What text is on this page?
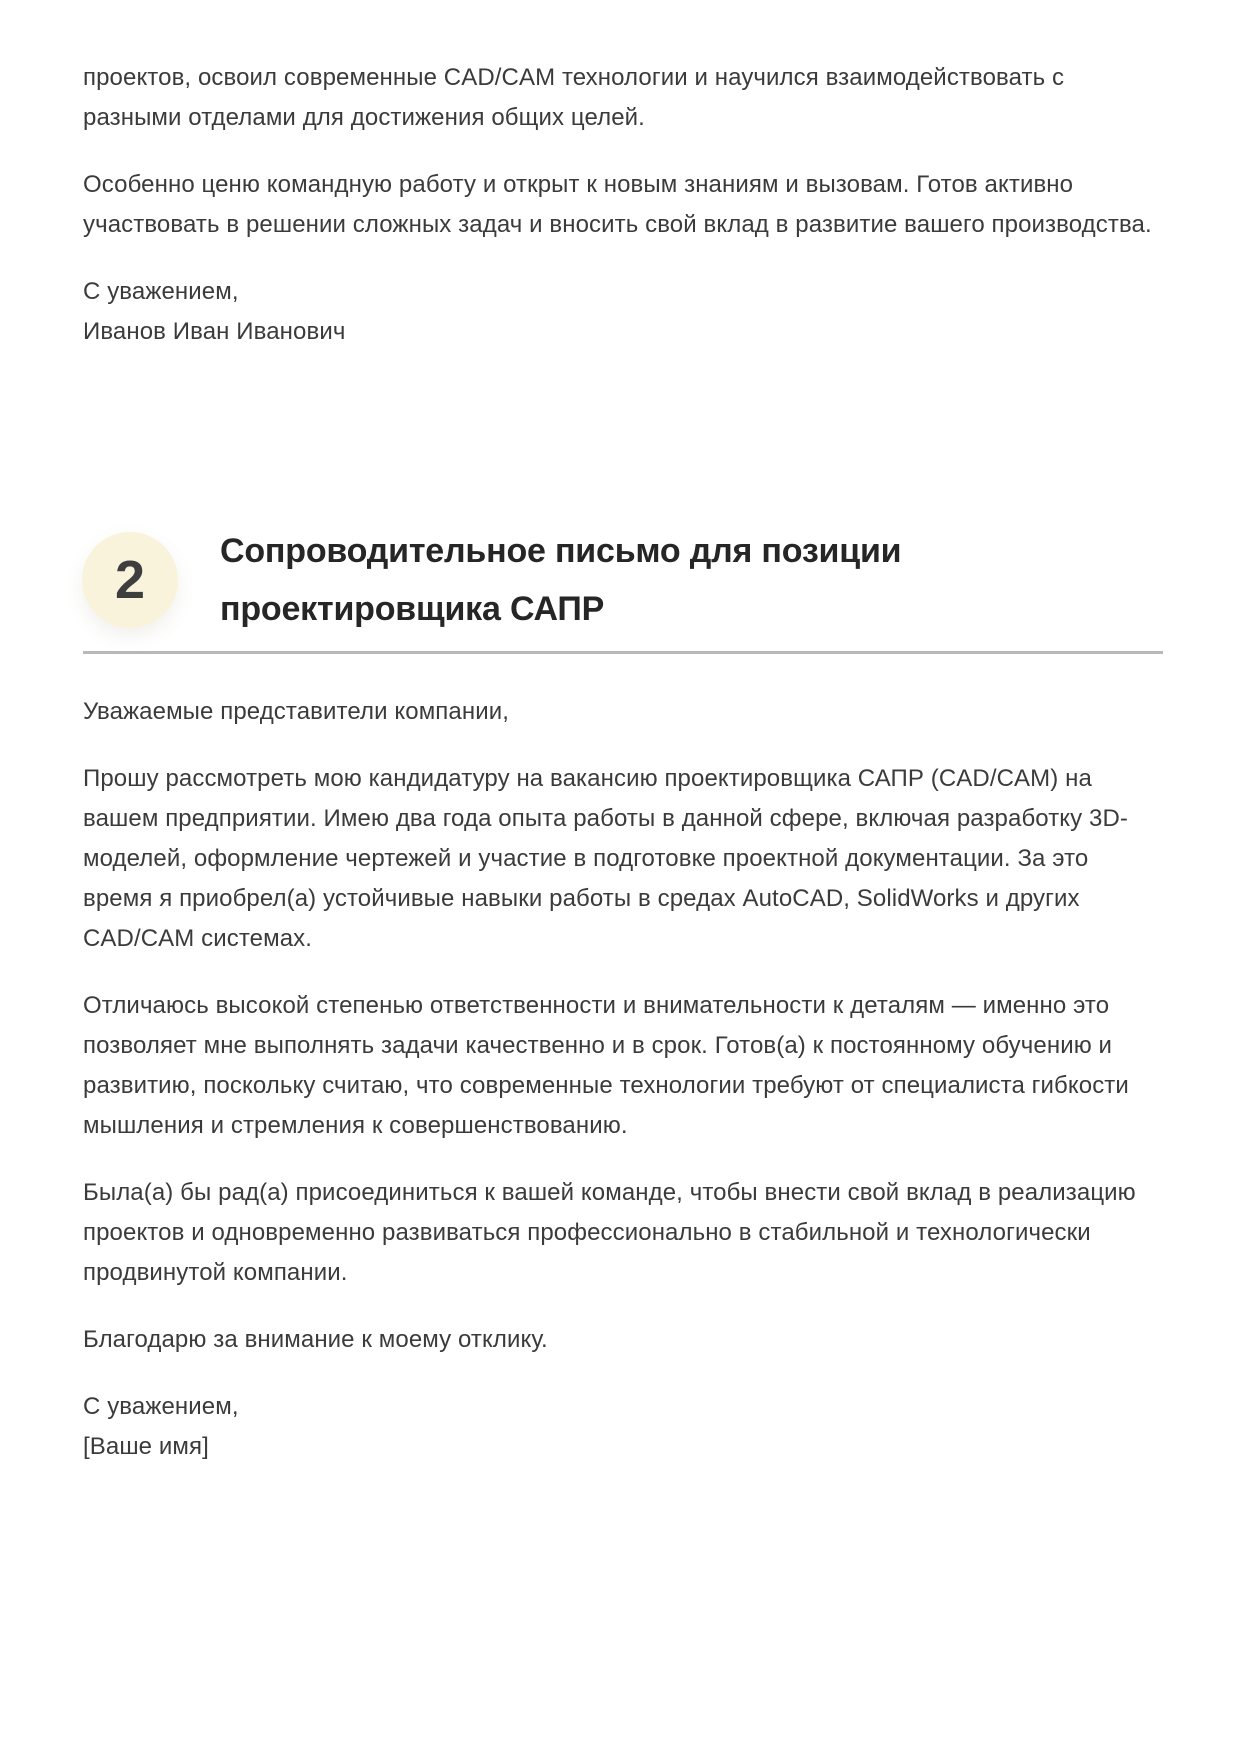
проектов, освоил современные CAD/CAM технологии и научился взаимодействовать с разными отделами для достижения общих целей.

Особенно ценю командную работу и открыт к новым знаниям и вызовам. Готов активно участвовать в решении сложных задач и вносить свой вклад в развитие вашего производства.

С уважением,
Иванов Иван Иванович

2 Сопроводительное письмо для позиции проектировщика САПР

Уважаемые представители компании,

Прошу рассмотреть мою кандидатуру на вакансию проектировщика САПР (CAD/CAM) на вашем предприятии. Имею два года опыта работы в данной сфере, включая разработку 3D-моделей, оформление чертежей и участие в подготовке проектной документации. За это время я приобрел(а) устойчивые навыки работы в средах AutoCAD, SolidWorks и других CAD/CAM системах.

Отличаюсь высокой степенью ответственности и внимательности к деталям — именно это позволяет мне выполнять задачи качественно и в срок. Готов(а) к постоянному обучению и развитию, поскольку считаю, что современные технологии требуют от специалиста гибкости мышления и стремления к совершенствованию.

Была(а) бы рад(а) присоединиться к вашей команде, чтобы внести свой вклад в реализацию проектов и одновременно развиваться профессионально в стабильной и технологически продвинутой компании.

Благодарю за внимание к моему отклику.

С уважением,
[Ваше имя]
